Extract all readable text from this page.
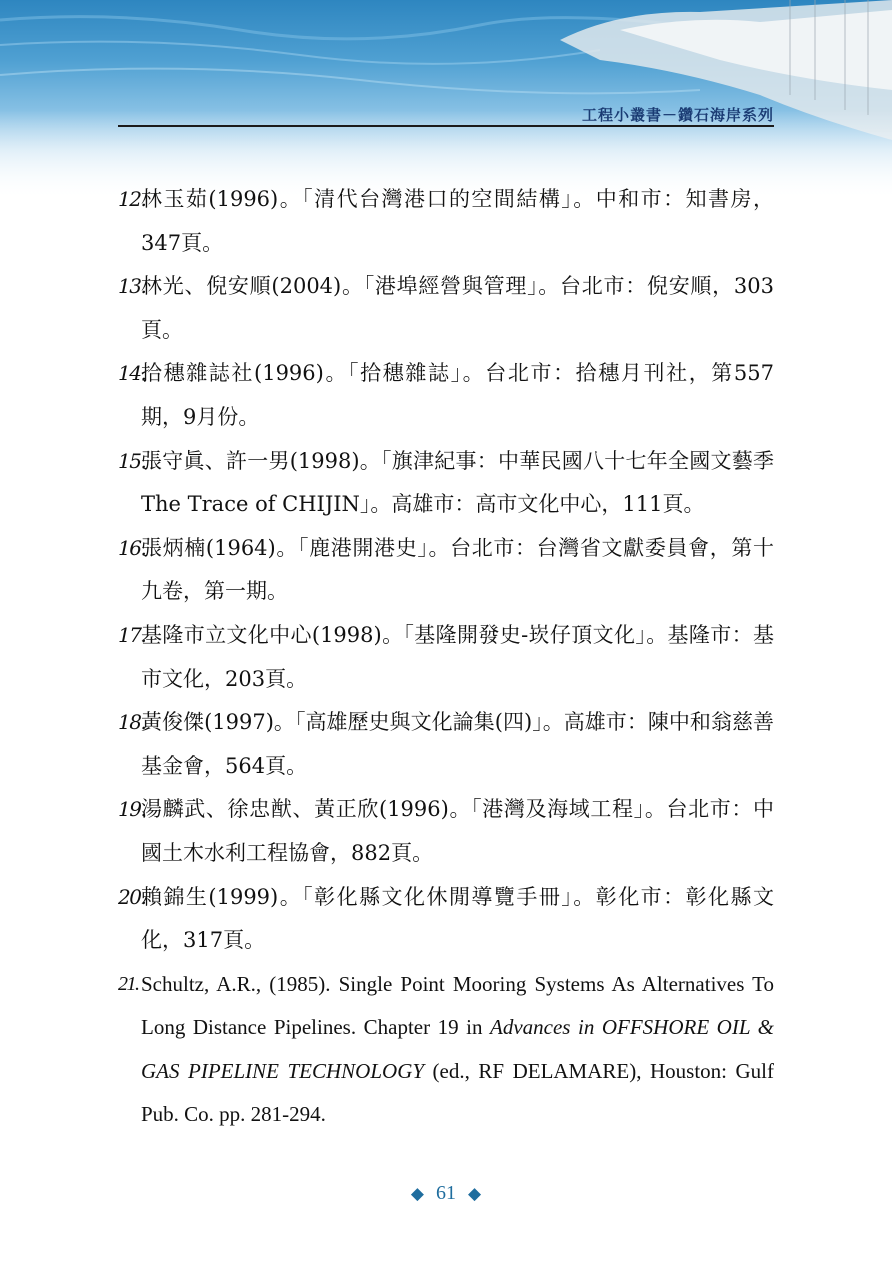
工程小叢書－鑽石海岸系列
12.
林玉茹(1996)。「清代台灣港口的空間結構」。中和市：知書房，347頁。
13.
林光、倪安順(2004)。「港埠經營與管理」。台北市：倪安順，303頁。
14.
拾穗雜誌社(1996)。「拾穗雜誌」。台北市：拾穗月刊社，第557期，9月份。
15.
張守眞、許一男(1998)。「旗津紀事：中華民國八十七年全國文藝季 The Trace of CHIJIN」。高雄市：高市文化中心，111頁。
16.
張炳楠(1964)。「鹿港開港史」。台北市：台灣省文獻委員會，第十九卷，第一期。
17.
基隆市立文化中心(1998)。「基隆開發史-崁仔頂文化」。基隆市：基市文化，203頁。
18.
黃俊傑(1997)。「高雄歷史與文化論集(四)」。高雄市：陳中和翁慈善基金會，564頁。
19.
湯麟武、徐忠猷、黃正欣(1996)。「港灣及海域工程」。台北市：中國土木水利工程協會，882頁。
20.
賴錦生(1999)。「彰化縣文化休閒導覽手冊」。彰化市：彰化縣文化，317頁。
21. Schultz, A.R., (1985). Single Point Mooring Systems As Alternatives To Long Distance Pipelines. Chapter 19 in Advances in OFFSHORE OIL & GAS PIPELINE TECHNOLOGY (ed., RF DELAMARE), Houston: Gulf Pub. Co. pp. 281-294.
◆ 61 ◆
